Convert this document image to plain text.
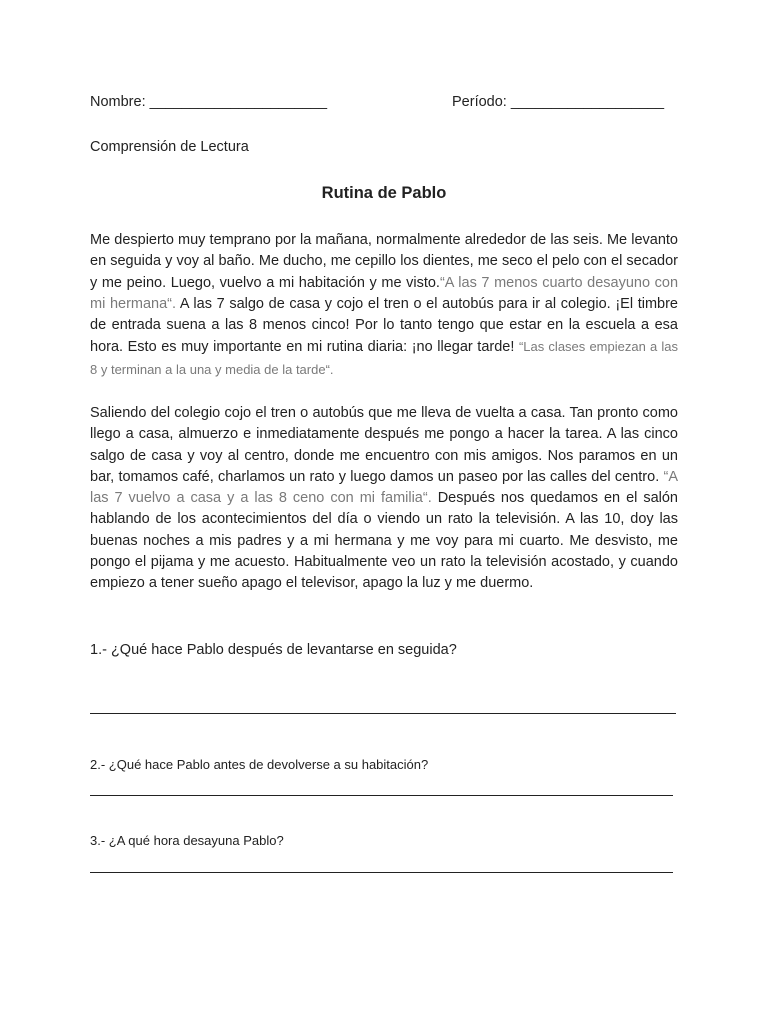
Nombre: ______________________	Período: ___________________
Comprensión de Lectura
Rutina de Pablo
Me despierto muy temprano por la mañana, normalmente alrededor de las seis. Me levanto en seguida y voy al baño. Me ducho, me cepillo los dientes, me seco el pelo con el secador y me peino. Luego, vuelvo a mi habitación y me visto.“A las 7 menos cuarto desayuno con mi hermana“. A las 7 salgo de casa y cojo el tren o el autobús para ir al colegio. ¡El timbre de entrada suena a las 8 menos cinco! Por lo tanto tengo que estar en la escuela a esa hora. Esto es muy importante en mi rutina diaria: ¡no llegar tarde! “Las clases empiezan a las 8 y terminan a la una y media de la tarde“.
Saliendo del colegio cojo el tren o autobús que me lleva de vuelta a casa. Tan pronto como llego a casa, almuerzo e inmediatamente después me pongo a hacer la tarea. A las cinco salgo de casa y voy al centro, donde me encuentro con mis amigos. Nos paramos en un bar, tomamos café, charlamos un rato y luego damos un paseo por las calles del centro. “A las 7 vuelvo a casa y a las 8 ceno con mi familia“. Después nos quedamos en el salón hablando de los acontecimientos del día o viendo un rato la televisión. A las 10, doy las buenas noches a mis padres y a mi hermana y me voy para mi cuarto. Me desvisto, me pongo el pijama y me acuesto. Habitualmente veo un rato la televisión acostado, y cuando empiezo a tener sueño apago el televisor, apago la luz y me duermo.
1.- ¿Qué hace Pablo después de levantarse en seguida?
2.- ¿Qué hace Pablo antes de devolverse a su habitación?
3.- ¿A qué hora desayuna Pablo?
